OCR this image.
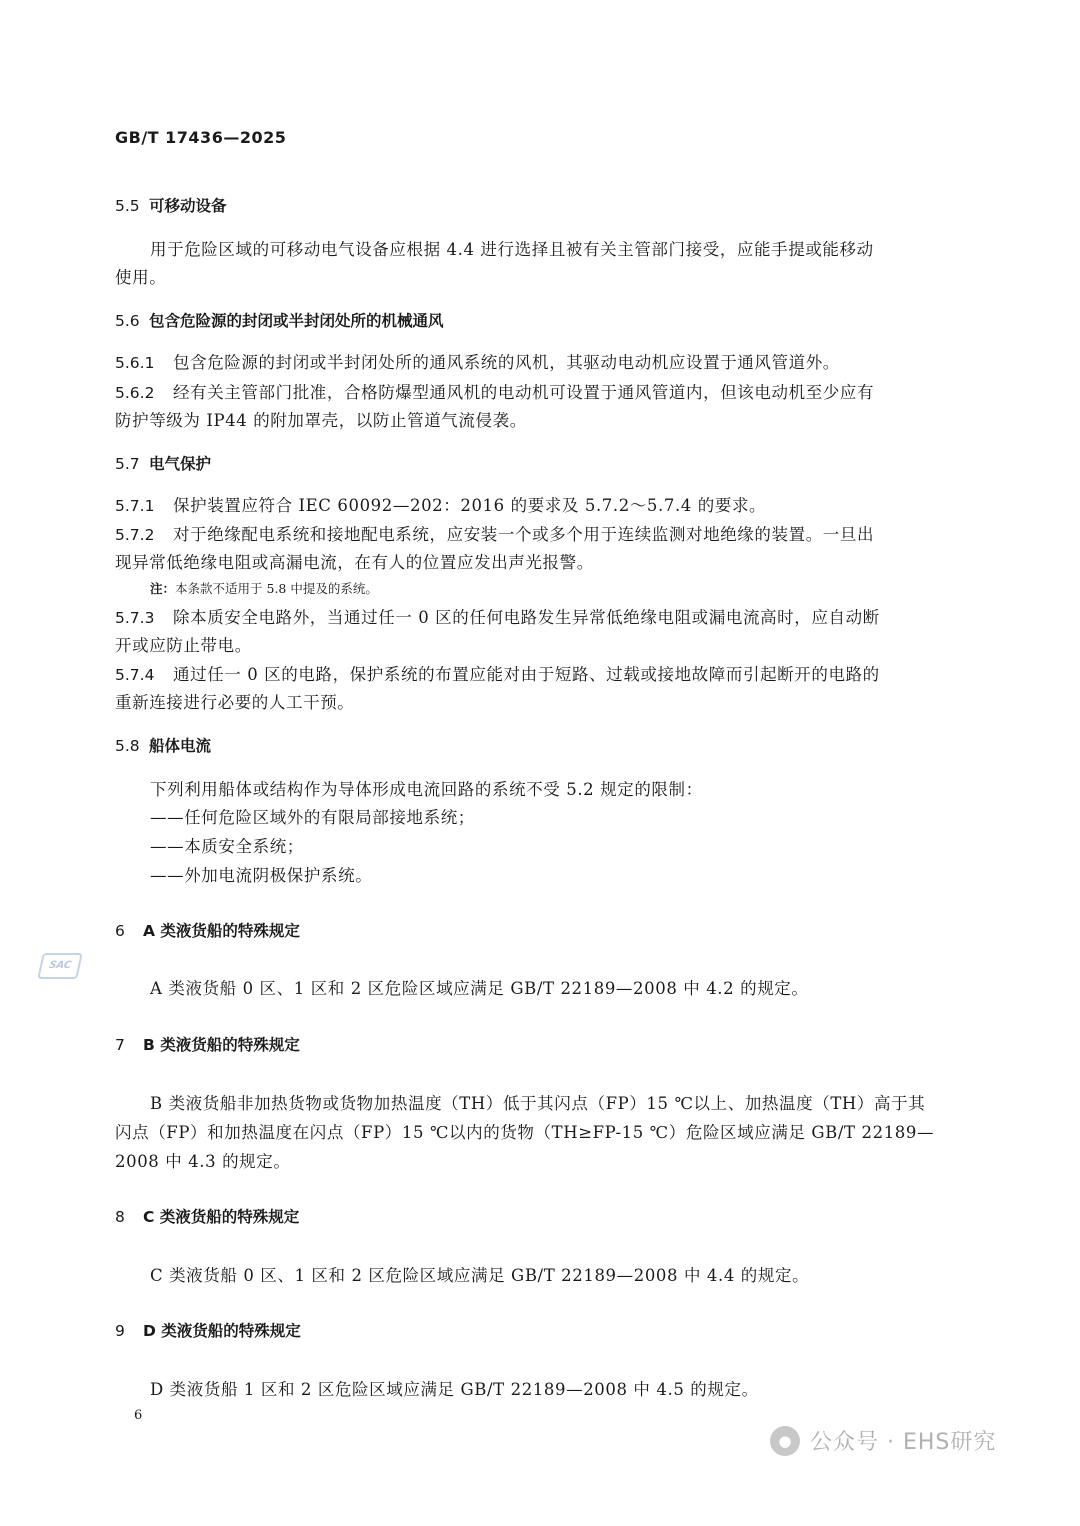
GB/T 17436—2025
5.5 可移动设备
用于危险区域的可移动电气设备应根据 4.4 进行选择且被有关主管部门接受，应能手提或能移动
使用。
5.6 包含危险源的封闭或半封闭处所的机械通风
5.6.1 包含危险源的封闭或半封闭处所的通风系统的风机，其驱动电动机应设置于通风管道外。
5.6.2 经有关主管部门批准，合格防爆型通风机的电动机可设置于通风管道内，但该电动机至少应有
防护等级为 IP44 的附加罩壳，以防止管道气流侵袭。
5.7 电气保护
5.7.1 保护装置应符合 IEC 60092—202：2016 的要求及 5.7.2～5.7.4 的要求。
5.7.2 对于绝缘配电系统和接地配电系统，应安装一个或多个用于连续监测对地绝缘的装置。一旦出
现异常低绝缘电阻或高漏电流，在有人的位置应发出声光报警。
注：本条款不适用于 5.8 中提及的系统。
5.7.3 除本质安全电路外，当通过任一 0 区的任何电路发生异常低绝缘电阻或漏电流高时，应自动断
开或应防止带电。
5.7.4 通过任一 0 区的电路，保护系统的布置应能对由于短路、过载或接地故障而引起断开的电路的
重新连接进行必要的人工干预。
5.8 船体电流
下列利用船体或结构作为导体形成电流回路的系统不受 5.2 规定的限制：
——任何危险区域外的有限局部接地系统；
——本质安全系统；
——外加电流阴极保护系统。
6 A 类液货船的特殊规定
A 类液货船 0 区、1 区和 2 区危险区域应满足 GB/T 22189—2008 中 4.2 的规定。
7 B 类液货船的特殊规定
B 类液货船非加热货物或货物加热温度（TH）低于其闪点（FP）15 ℃以上、加热温度（TH）高于其
闪点（FP）和加热温度在闪点（FP）15 ℃以内的货物（TH≥FP-15 ℃）危险区域应满足 GB/T 22189—
2008 中 4.3 的规定。
8 C 类液货船的特殊规定
C 类液货船 0 区、1 区和 2 区危险区域应满足 GB/T 22189—2008 中 4.4 的规定。
9 D 类液货船的特殊规定
D 类液货船 1 区和 2 区危险区域应满足 GB/T 22189—2008 中 4.5 的规定。
6
SAC
● 公众号 · EHS研究
